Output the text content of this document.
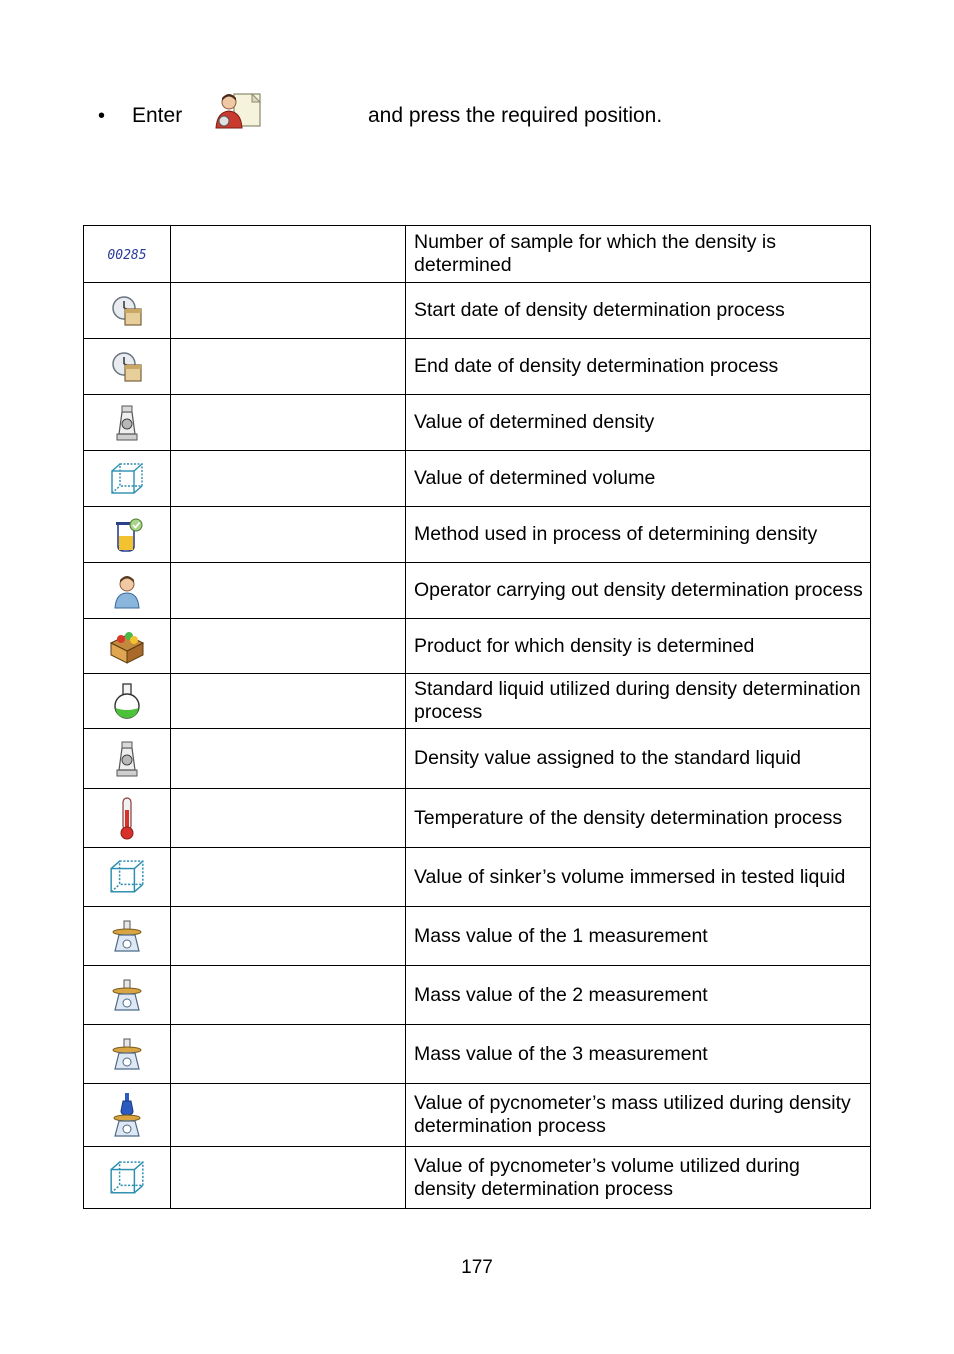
• Enter	and press the required position.
00285		Number of sample for which the density is determined

		Start date of density determination process

		End date of density determination process

		Value of determined density

		Value of determined volume

		Method used in process of determining density

		Operator carrying out density determination process

		Product for which density is determined

		Standard liquid utilized during density determination process

		Density value assigned to the standard liquid

		Temperature of the density determination process

		Value of sinker’s volume immersed in tested liquid

		Mass value of the 1 measurement

		Mass value of the 2 measurement

		Mass value of the 3 measurement

		Value of pycnometer’s mass utilized during density determination process

		Value of pycnometer’s volume utilized during density determination process
177
